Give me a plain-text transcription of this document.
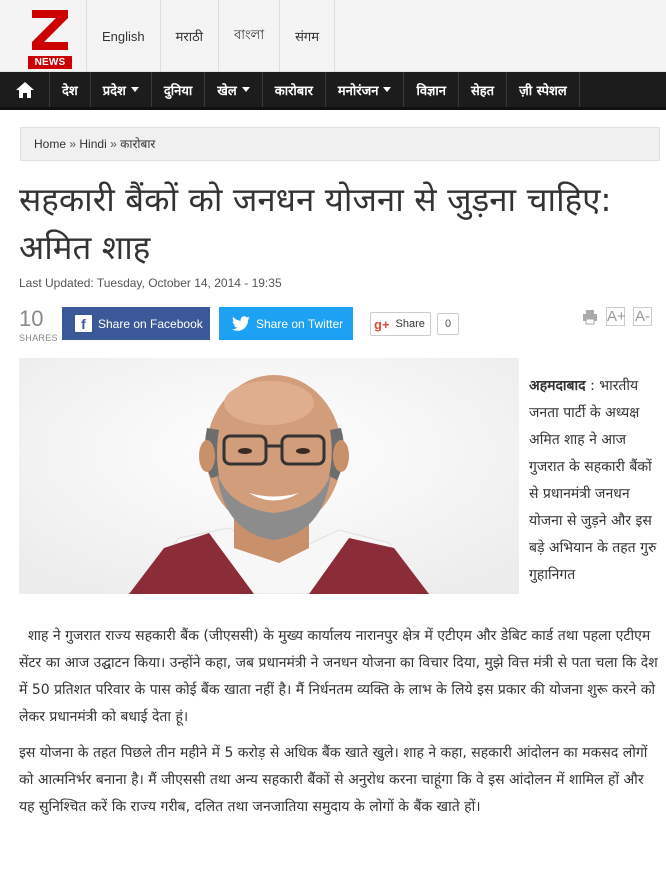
NEWS
English	मराठी	বাংলা	संगम
देश प्रदेश	दुनिया खेल	कारोबार मनोरंजन	विज्ञान सेहत ज़ी स्पेशल
Home » Hindi » कारोबार
सहकारी बैंकों को जनधन योजना से जुड़ना चाहिए: अमित शाह
Last Updated: Tuesday, October 14, 2014 - 19:35
10
SHARES
f	Share on Facebook	Share on Twitter g+ Share	0	A+ A-
अहमदाबाद : भारतीय जनता पार्टी के अध्यक्ष अमित शाह ने आज गुजरात के सहकारी बैंकों से प्रधानमंत्री जनधन योजना से जुड़ने और इस बड़े अभियान के तहत गुरु गुहानिगत

शाह ने गुजरात राज्य सहकारी बैंक (जीएससी) के मुख्य कार्यालय नारानपुर क्षेत्र में एटीएम और डेबिट कार्ड तथा पहला एटीएम सेंटर का आज उद्घाटन किया। उन्होंने कहा, जब प्रधानमंत्री ने जनधन योजना का विचार दिया, मुझे वित्त मंत्री से पता चला कि देश में 50 प्रतिशत परिवार के पास कोई बैंक खाता नहीं है। मैं निर्धनतम व्यक्ति के लाभ के लिये इस प्रकार की योजना शुरू करने को लेकर प्रधानमंत्री को बधाई देता हूं।

इस योजना के तहत पिछले तीन महीने में 5 करोड़ से अधिक बैंक खाते खुले। शाह ने कहा, सहकारी आंदोलन का मकसद लोगों को आत्मनिर्भर बनाना है। मैं जीएससी तथा अन्य सहकारी बैंकों से अनुरोध करना चाहूंगा कि वे इस आंदोलन में शामिल हों और यह सुनिश्चित करें कि राज्य गरीब, दलित तथा जनजातिया समुदाय के लोगों के बैंक खाते हों।
